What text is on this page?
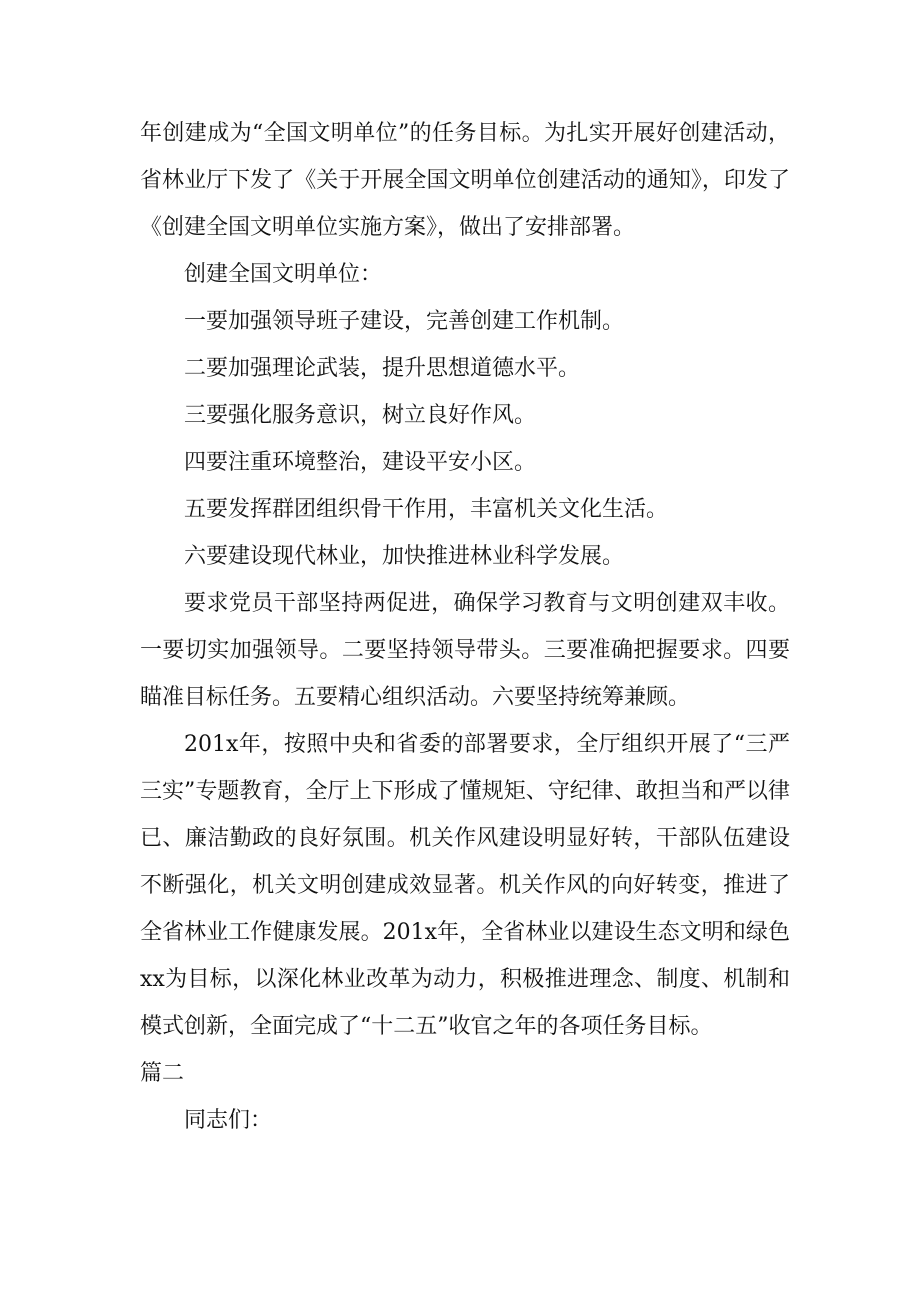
年创建成为“全国文明单位”的任务目标。为扎实开展好创建活动，省林业厅下发了《关于开展全国文明单位创建活动的通知》，印发了《创建全国文明单位实施方案》，做出了安排部署。

创建全国文明单位：

一要加强领导班子建设，完善创建工作机制。

二要加强理论武装，提升思想道德水平。

三要强化服务意识，树立良好作风。

四要注重环境整治，建设平安小区。

五要发挥群团组织骨干作用，丰富机关文化生活。

六要建设现代林业，加快推进林业科学发展。

要求党员干部坚持两促进，确保学习教育与文明创建双丰收。一要切实加强领导。二要坚持领导带头。三要准确把握要求。四要瞄准目标任务。五要精心组织活动。六要坚持统筹兼顾。

201x年，按照中央和省委的部署要求，全厅组织开展了“三严三实”专题教育，全厅上下形成了懂规矩、守纪律、敢担当和严以律已、廉洁勤政的良好氛围。机关作风建设明显好转，干部队伍建设不断强化，机关文明创建成效显著。机关作风的向好转变，推进了全省林业工作健康发展。201x年，全省林业以建设生态文明和绿色xx为目标，以深化林业改革为动力，积极推进理念、制度、机制和模式创新，全面完成了“十二五”收官之年的各项任务目标。

篇二

同志们：
